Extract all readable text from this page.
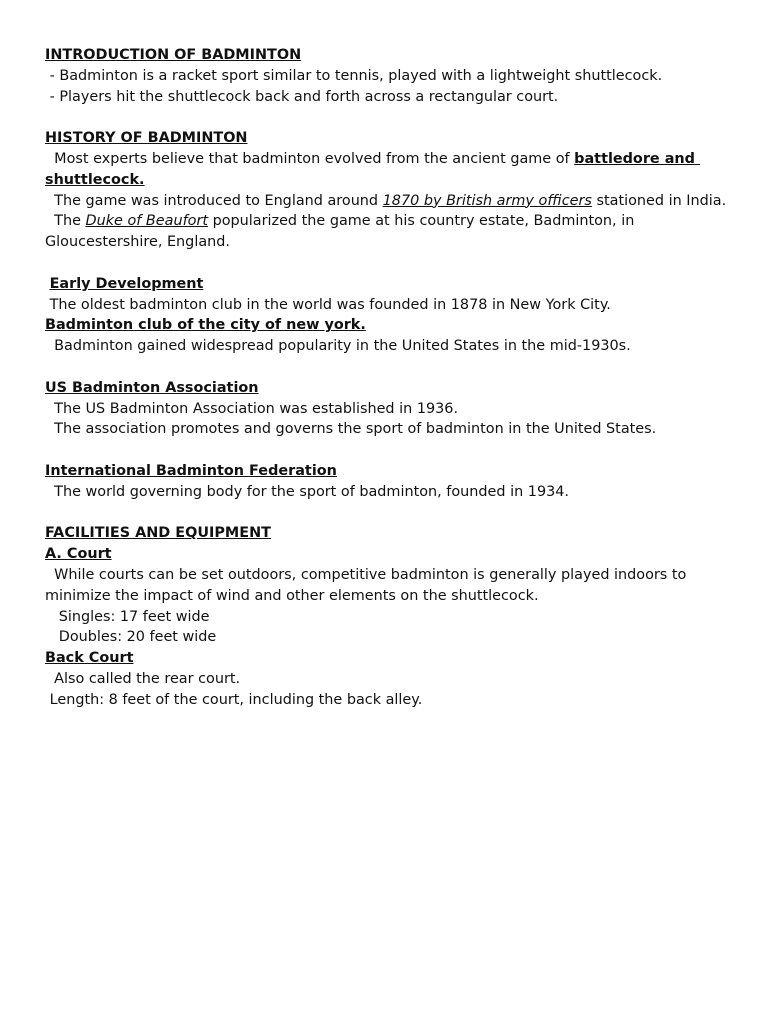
INTRODUCTION OF BADMINTON

- Badminton is a racket sport similar to tennis, played with a lightweight shuttlecock.

- Players hit the shuttlecock back and forth across a rectangular court.

HISTORY OF BADMINTON

Most experts believe that badminton evolved from the ancient game of battledore and shuttlecock.

The game was introduced to England around 1870 by British army officers stationed in India.

The Duke of Beaufort popularized the game at his country estate, Badminton, in Gloucestershire, England.

Early Development

The oldest badminton club in the world was founded in 1878 in New York City.

Badminton club of the city of new york.

Badminton gained widespread popularity in the United States in the mid-1930s.

US Badminton Association

The US Badminton Association was established in 1936.

The association promotes and governs the sport of badminton in the United States.

International Badminton Federation

The world governing body for the sport of badminton, founded in 1934.

FACILITIES AND EQUIPMENT

A. Court

While courts can be set outdoors, competitive badminton is generally played indoors to minimize the impact of wind and other elements on the shuttlecock.

Singles: 17 feet wide

Doubles: 20 feet wide

Back Court

Also called the rear court.

Length: 8 feet of the court, including the back alley.
